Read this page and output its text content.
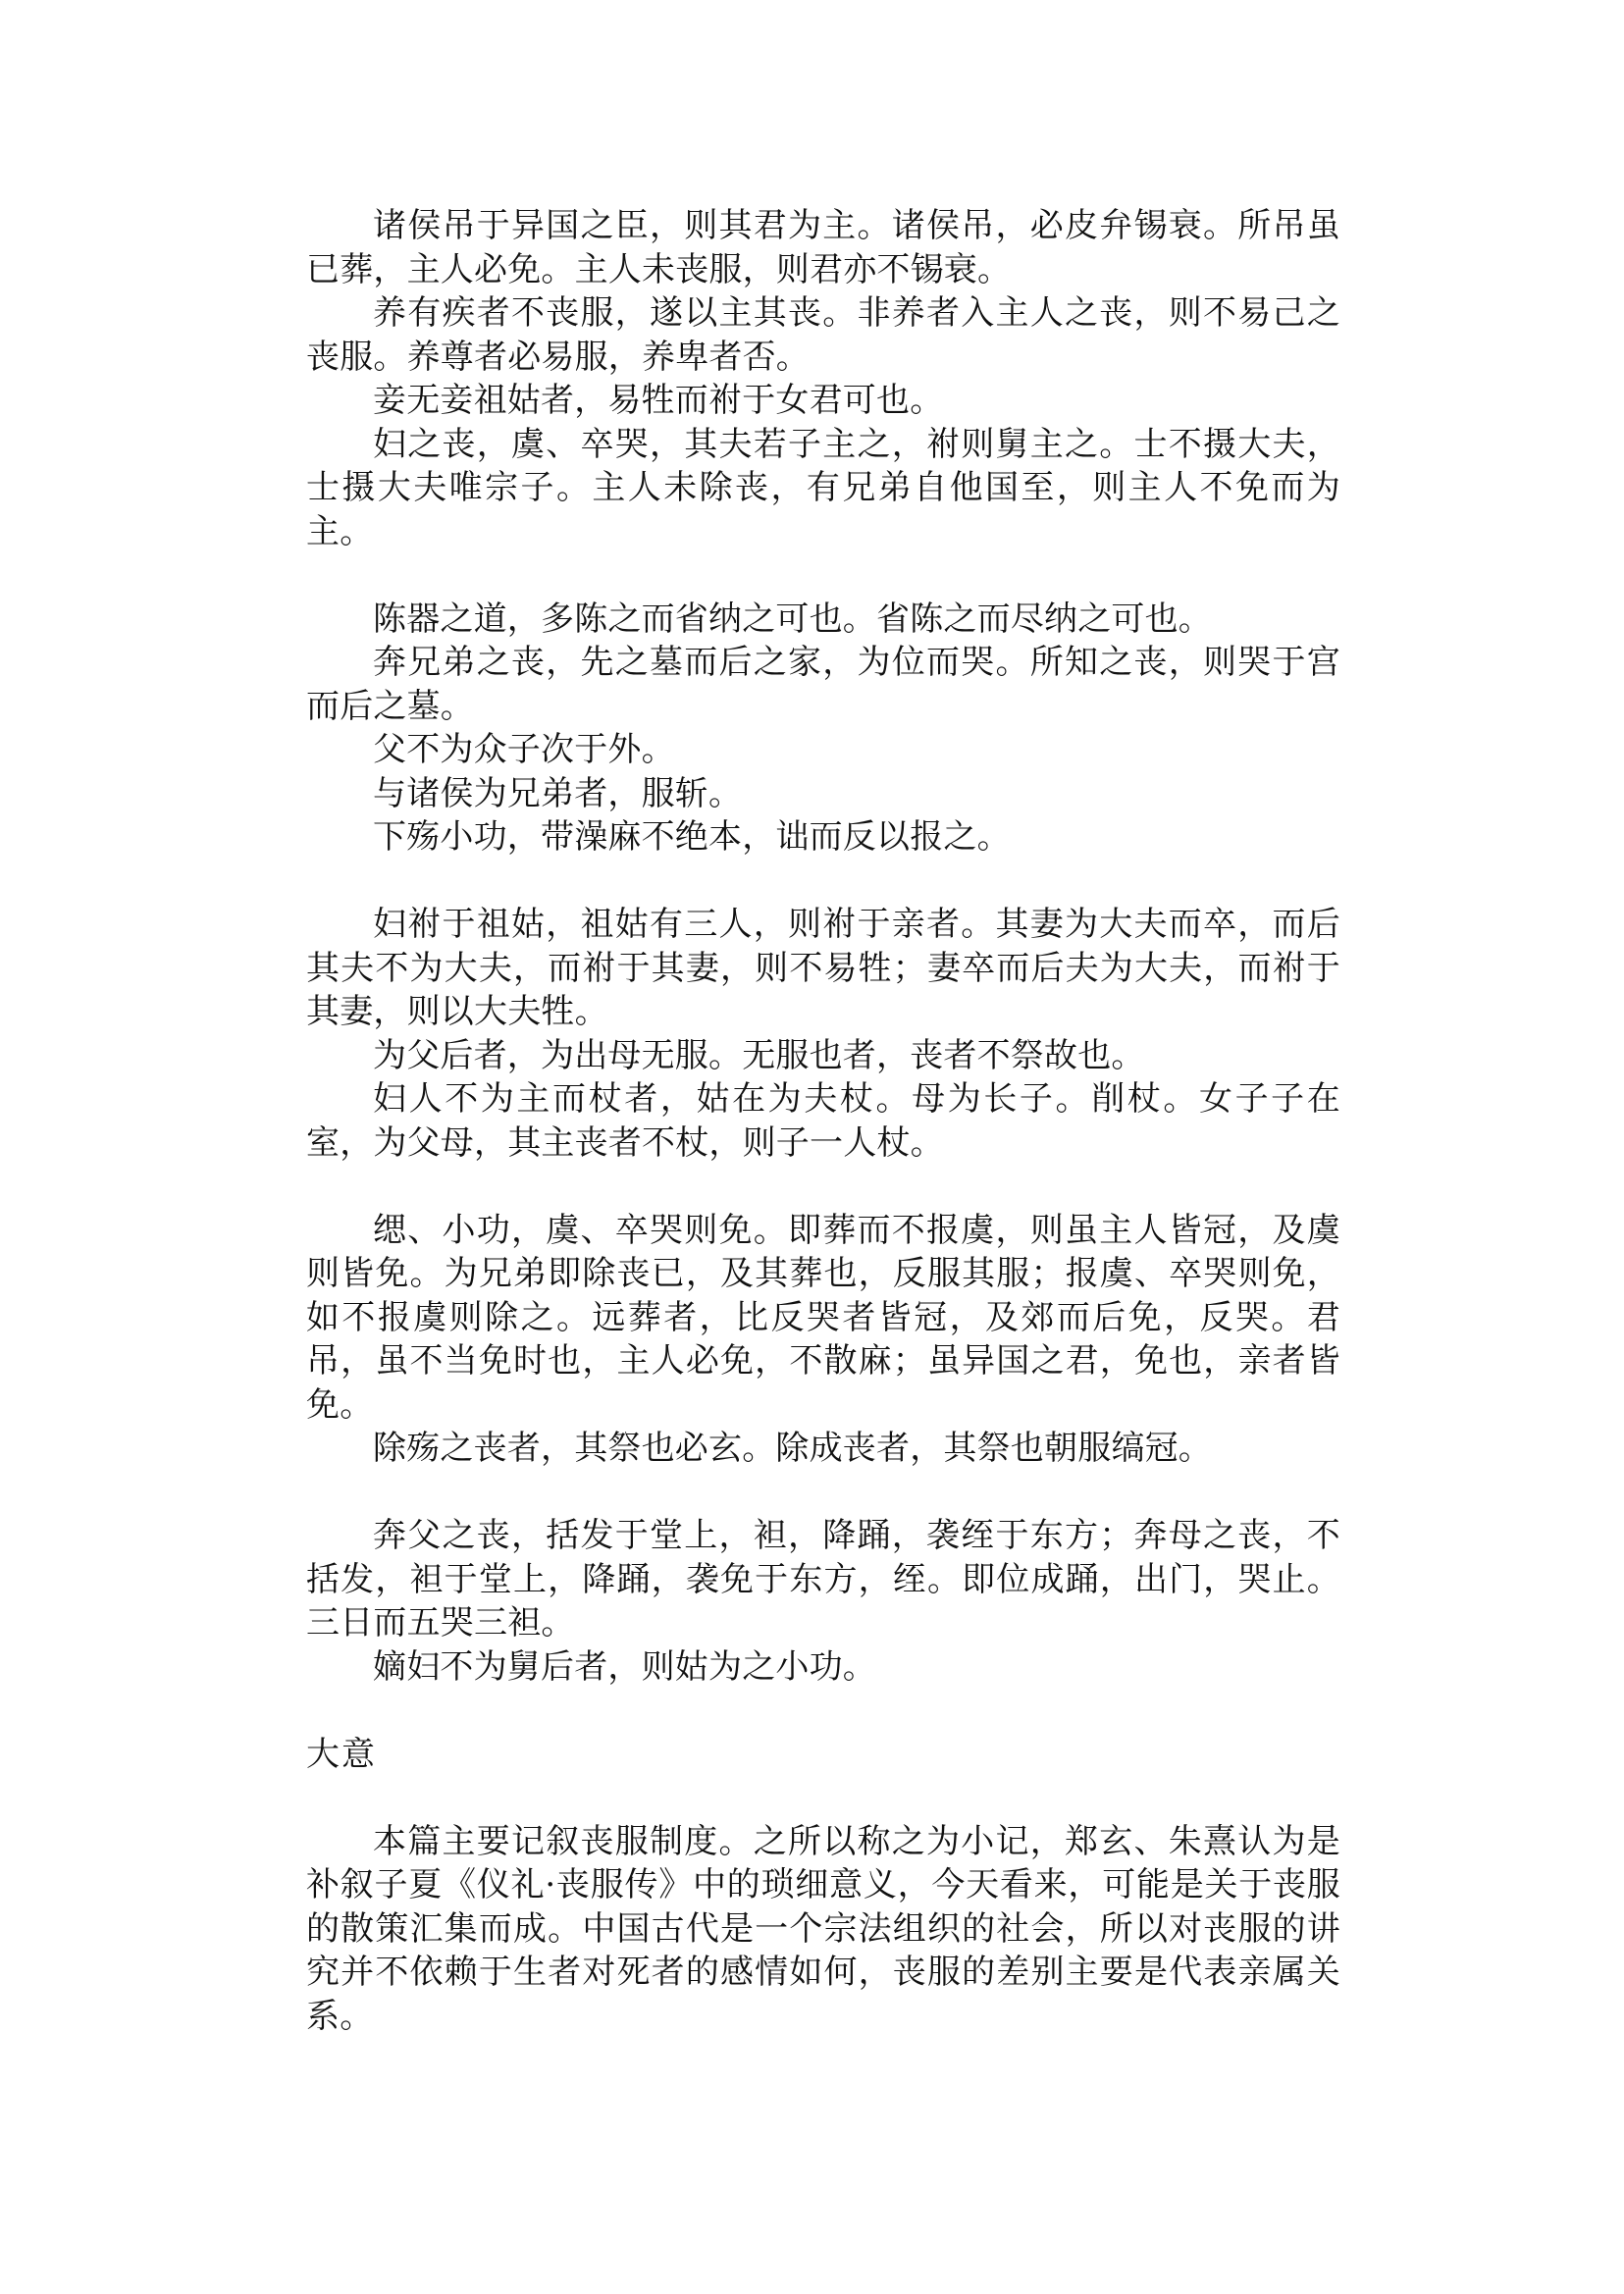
诸侯吊于异国之臣，则其君为主。诸侯吊，必皮弁锡衰。所吊虽已葬，主人必免。主人未丧服，则君亦不锡衰。

养有疾者不丧服，遂以主其丧。非养者入主人之丧，则不易己之丧服。养尊者必易服，养卑者否。

妾无妾祖姑者，易牲而祔于女君可也。

妇之丧，虞、卒哭，其夫若子主之，祔则舅主之。士不摄大夫，士摄大夫唯宗子。主人未除丧，有兄弟自他国至，则主人不免而为主。

陈器之道，多陈之而省纳之可也。省陈之而尽纳之可也。

奔兄弟之丧，先之墓而后之家，为位而哭。所知之丧，则哭于宫而后之墓。

父不为众子次于外。

与诸侯为兄弟者，服斩。

下殇小功，带澡麻不绝本，诎而反以报之。

妇祔于祖姑，祖姑有三人，则祔于亲者。其妻为大夫而卒，而后其夫不为大夫，而祔于其妻，则不易牲；妻卒而后夫为大夫，而祔于其妻，则以大夫牲。

为父后者，为出母无服。无服也者，丧者不祭故也。

妇人不为主而杖者，姑在为夫杖。母为长子。削杖。女子子在室，为父母，其主丧者不杖，则子一人杖。

缌、小功，虞、卒哭则免。即葬而不报虞，则虽主人皆冠，及虞则皆免。为兄弟即除丧已，及其葬也，反服其服；报虞、卒哭则免，如不报虞则除之。远葬者，比反哭者皆冠，及郊而后免，反哭。君吊，虽不当免时也，主人必免，不散麻；虽异国之君，免也，亲者皆免。

除殇之丧者，其祭也必玄。除成丧者，其祭也朝服缟冠。

奔父之丧，括发于堂上，袒，降踊，袭绖于东方；奔母之丧，不括发，袒于堂上，降踊，袭免于东方，绖。即位成踊，出门，哭止。三日而五哭三袒。

嫡妇不为舅后者，则姑为之小功。

大意

本篇主要记叙丧服制度。之所以称之为小记，郑玄、朱熹认为是补叙子夏《仪礼·丧服传》中的琐细意义，今天看来，可能是关于丧服的散策汇集而成。中国古代是一个宗法组织的社会，所以对丧服的讲究并不依赖于生者对死者的感情如何，丧服的差别主要是代表亲属关系。
